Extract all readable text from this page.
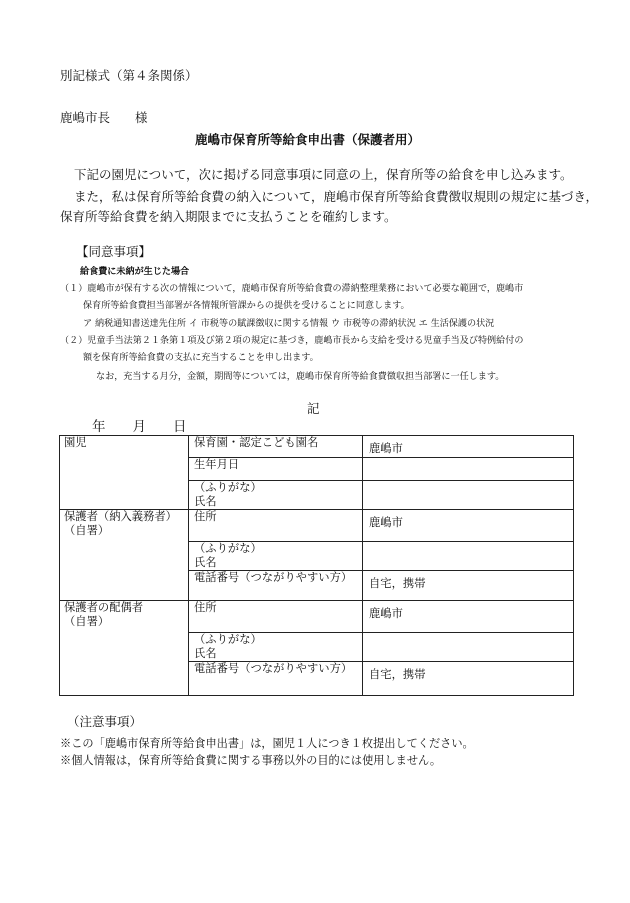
別記様式（第４条関係）
鹿嶋市長　　様
鹿嶋市保育所等給食申出書（保護者用）
下記の園児について，次に掲げる同意事項に同意の上，保育所等の給食を申し込みます。
また，私は保育所等給食費の納入について，鹿嶋市保育所等給食費徴収規則の規定に基づき，
保育所等給食費を納入期限までに支払うことを確約します。
【同意事項】
給食費に未納が生じた場合
（１）鹿嶋市が保有する次の情報について，鹿嶋市保育所等給食費の滞納整理業務において必要な範囲で，鹿嶋市
保育所等給食費担当部署が各情報所管課からの提供を受けることに同意します。
ア 納税通知書送達先住所 イ 市税等の賦課徴収に関する情報 ウ 市税等の滞納状況 エ 生活保護の状況
（２）児童手当法第２１条第１項及び第２項の規定に基づき，鹿嶋市長から支給を受ける児童手当及び特例給付の
額を保育所等給食費の支払に充当することを申し出ます。
なお，充当する月分，金額，期間等については，鹿嶋市保育所等給食費徴収担当部署に一任します。
記
年　　月　　日
園児	保育園・認定こども園名	鹿嶋市
	生年月日	

	（ふりがな）
氏名	

保護者（納入義務者）
（自署）	住所	鹿嶋市

	（ふりがな）
氏名	

	電話番号（つながりやすい方）	自宅，携帯

保護者の配偶者
（自署）	住所	鹿嶋市

	（ふりがな）
氏名	

	電話番号（つながりやすい方）	自宅，携帯
（注意事項）
※この「鹿嶋市保育所等給食申出書」は，園児１人につき１枚提出してください。
※個人情報は，保育所等給食費に関する事務以外の目的には使用しません。
